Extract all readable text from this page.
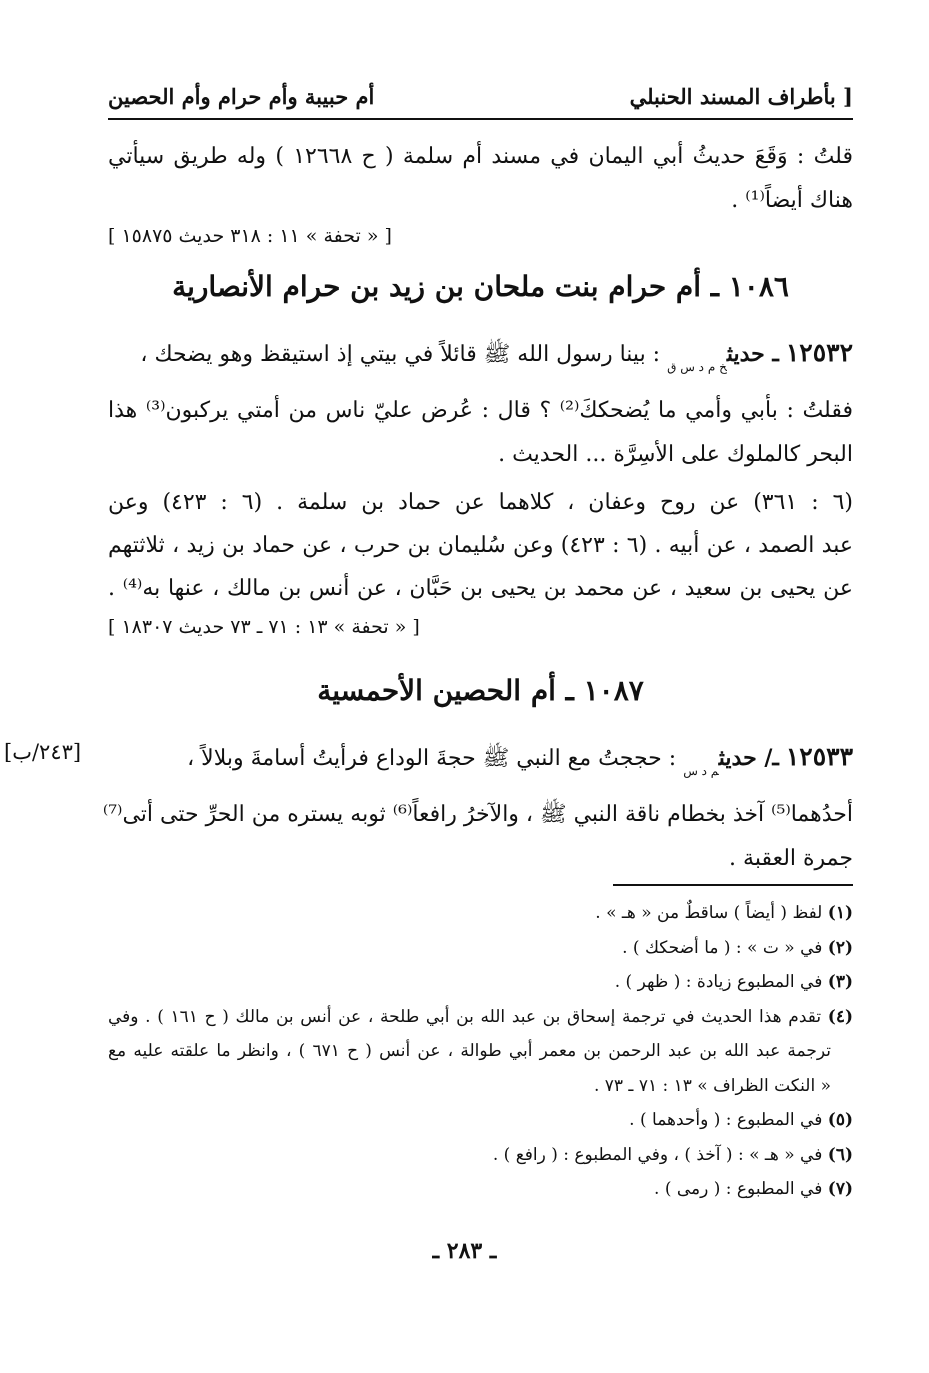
بأطراف المسند الحنبلي ]
أم حبيبة وأم حرام وأم الحصين
قلتُ : وَقَعَ حديثُ أبي اليمان في مسند أم سلمة ( ح ١٢٦٦٨ ) وله طريق سيأتي
هناك أيضاً⁽¹⁾ .
[ « تحفة » ١١ : ٣١٨ حديث ١٥٨٧٥ ]
١٠٨٦ ـ أم حرام بنت ملحان بن زيد بن حرام الأنصارية
١٢٥٣٢ ـ حديث$_{خ م د س ق}$ : بينا رسول الله ﷺ قائلاً في بيتي إذ استيقظ وهو يضحك ،
فقلتُ : بأبي وأمي ما يُضحككَ⁽²⁾ ؟ قال : عُرض عليّ ناس من أمتي يركبون⁽³⁾ هذا
البحر كالملوك على الأسِرَّة ... الحديث .
(٦ : ٣٦١) عن روح وعفان ، كلاهما عن حماد بن سلمة . (٦ : ٤٢٣) وعن
عبد الصمد ، عن أبيه . (٦ : ٤٢٣) وعن سُليمان بن حرب ، عن حماد بن زيد ، ثلاثتهم
عن يحيى بن سعيد ، عن محمد بن يحيى بن حَبَّان ، عن أنس بن مالك ، عنها به⁽⁴⁾ .
[ « تحفة » ١٣ : ٧١ ـ ٧٣ حديث ١٨٣٠٧ ]
١٠٨٧ ـ أم الحصين الأحمسية
[٢٤٣/ب]	١٢٥٣٣ ـ/ حديث$_{م د س}$ : حججتُ مع النبي ﷺ حجةَ الوداع فرأيتُ أسامةَ وبلالاً ،
أحدُهما⁽⁵⁾ آخذ بخطام ناقة النبي ﷺ ، والآخرُ رافعاً⁽⁶⁾ ثوبه يستره من الحرِّ حتى أتى⁽⁷⁾
جمرة العقبة .
(١) لفظ ( أيضاً ) ساقطٌ من « هـ » .
(٢) في « ت » : ( ما أضحكك ) .
(٣) في المطبوع زيادة : ( ظهر ) .
(٤) تقدم هذا الحديث في ترجمة إسحاق بن عبد الله بن أبي طلحة ، عن أنس بن مالك ( ح ١٦١ ) . وفي
ترجمة عبد الله بن عبد الرحمن بن معمر أبي طوالة ، عن أنس ( ح ٦٧١ ) ، وانظر ما علقته عليه مع
« النكت الظراف » ١٣ : ٧١ ـ ٧٣ .
(٥) في المطبوع : ( وأحدهما ) .
(٦) في « هـ » : ( آخذ ) ، وفي المطبوع : ( رافع ) .
(٧) في المطبوع : ( رمى ) .
ـ ٢٨٣ ـ
